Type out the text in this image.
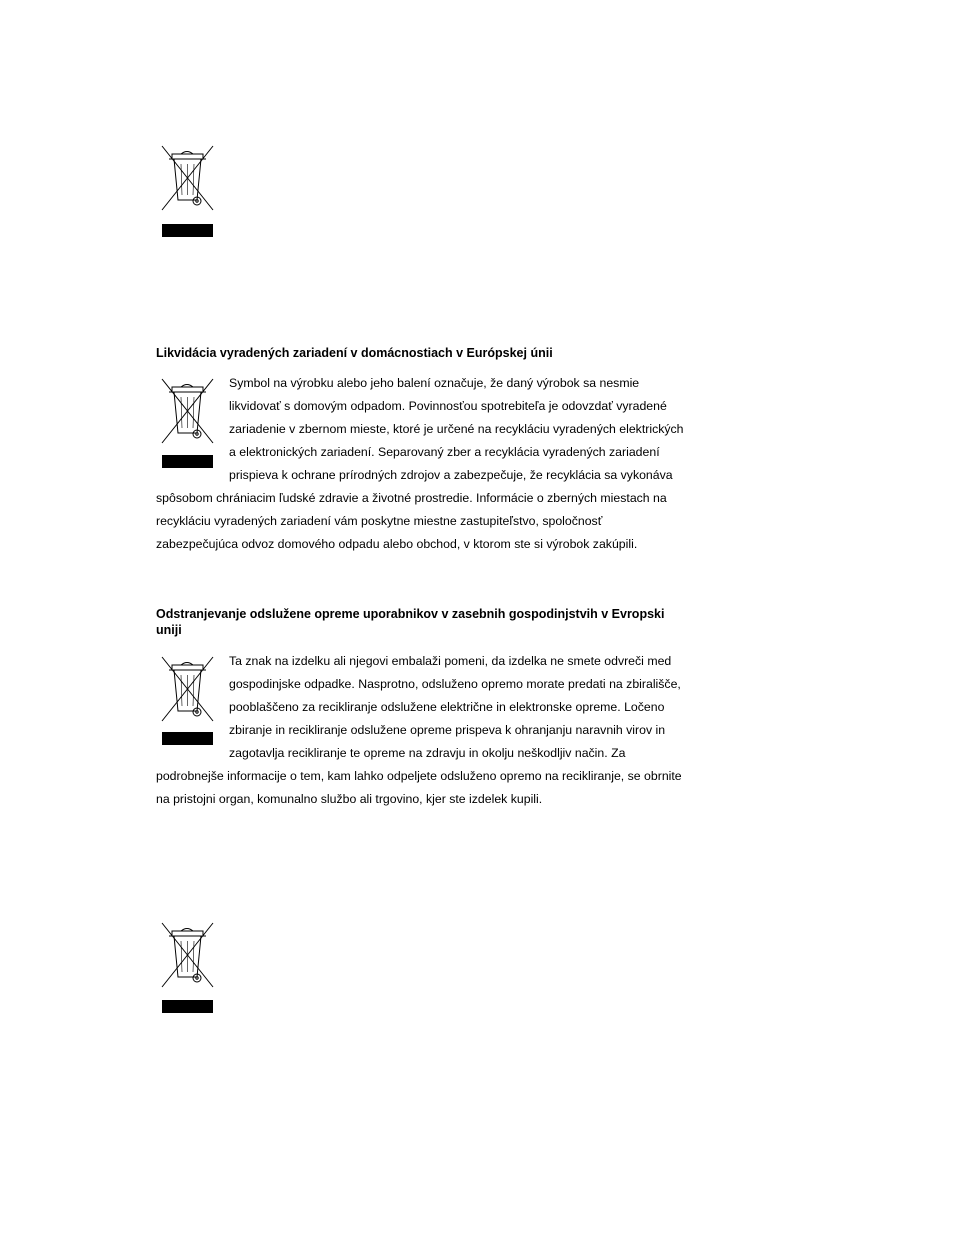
Likvidácia vyradených zariadení v domácnostiach v Európskej únii
Symbol na výrobku alebo jeho balení označuje, že daný výrobok sa nesmie
likvidovať s domovým odpadom. Povinnosťou spotrebiteľa je odovzdať vyradené
zariadenie v zbernom mieste, ktoré je určené na recykláciu vyradených elektrických
a elektronických zariadení. Separovaný zber a recyklácia vyradených zariadení
prispieva k ochrane prírodných zdrojov a zabezpečuje, že recyklácia sa vykonáva
spôsobom chrániacim ľudské zdravie a životné prostredie. Informácie o zberných miestach na
recykláciu vyradených zariadení vám poskytne miestne zastupiteľstvo, spoločnosť
zabezpečujúca odvoz domového odpadu alebo obchod, v ktorom ste si výrobok zakúpili.
Odstranjevanje odslužene opreme uporabnikov v zasebnih gospodinjstvih v Evropski
uniji
Ta znak na izdelku ali njegovi embalaži pomeni, da izdelka ne smete odvreči med
gospodinjske odpadke. Nasprotno, odsluženo opremo morate predati na zbirališče,
pooblaščeno za recikliranje odslužene električne in elektronske opreme. Ločeno
zbiranje in recikliranje odslužene opreme prispeva k ohranjanju naravnih virov in
zagotavlja recikliranje te opreme na zdravju in okolju neškodljiv način. Za
podrobnejše informacije o tem, kam lahko odpeljete odsluženo opremo na recikliranje, se obrnite
na pristojni organ, komunalno službo ali trgovino, kjer ste izdelek kupili.
